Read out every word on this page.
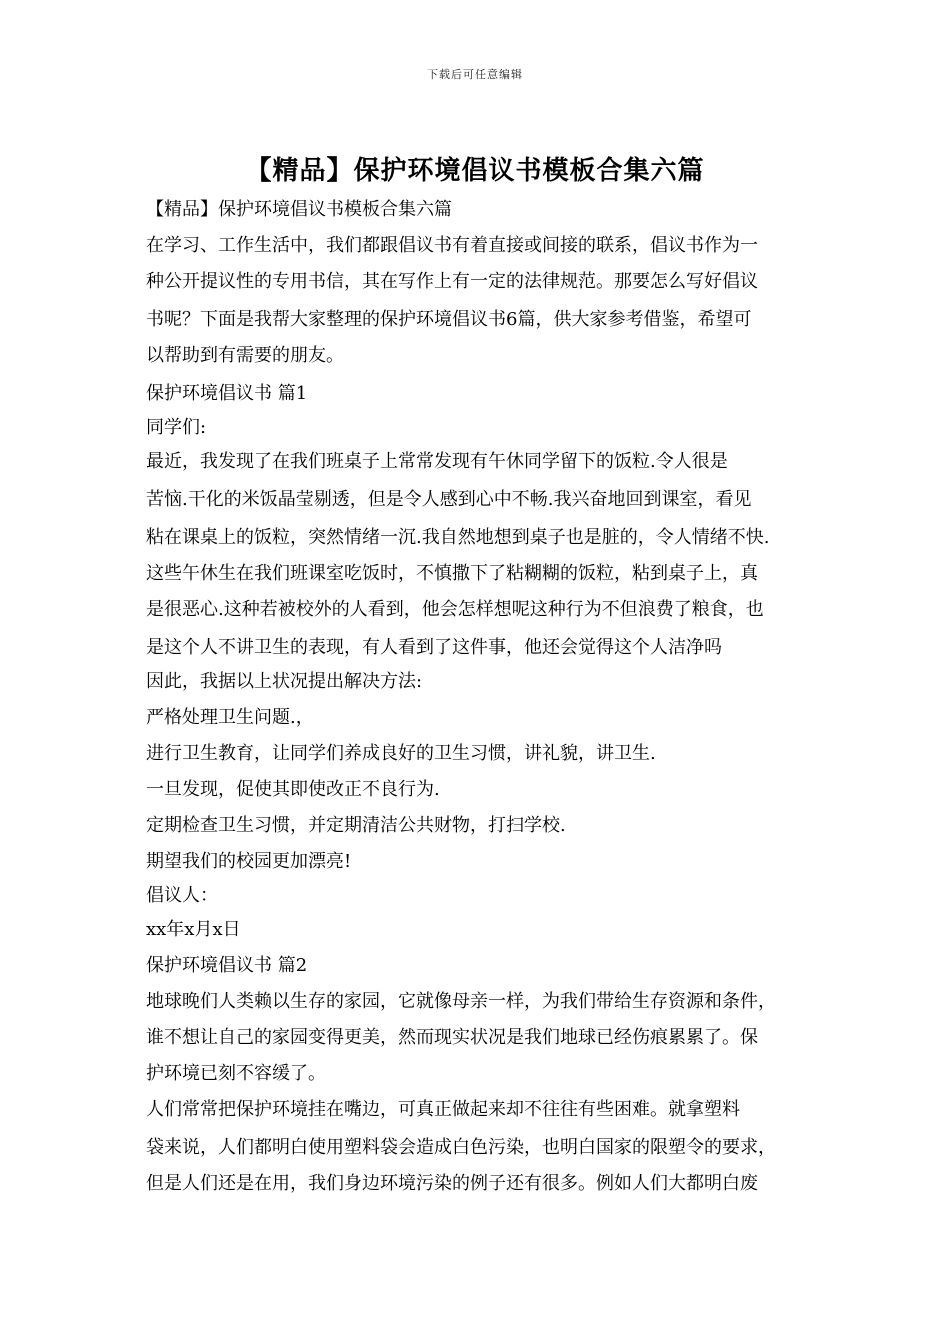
下载后可任意编辑
【精品】保护环境倡议书模板合集六篇
【精品】保护环境倡议书模板合集六篇
在学习、工作生活中，我们都跟倡议书有着直接或间接的联系，倡议书作为一
种公开提议性的专用书信，其在写作上有一定的法律规范。那要怎么写好倡议
书呢？下面是我帮大家整理的保护环境倡议书6篇，供大家参考借鉴，希望可
以帮助到有需要的朋友。
保护环境倡议书 篇1
同学们:
最近，我发现了在我们班桌子上常常发现有午休同学留下的饭粒.令人很是
苦恼.干化的米饭晶莹剔透，但是令人感到心中不畅.我兴奋地回到课室，看见
粘在课桌上的饭粒，突然情绪一沉.我自然地想到桌子也是脏的，令人情绪不快.
这些午休生在我们班课室吃饭时，不慎撒下了粘糊糊的饭粒，粘到桌子上，真
是很恶心.这种若被校外的人看到，他会怎样想呢这种行为不但浪费了粮食，也
是这个人不讲卫生的表现，有人看到了这件事，他还会觉得这个人洁净吗
因此，我据以上状况提出解决方法:
严格处理卫生问题.，
进行卫生教育，让同学们养成良好的卫生习惯，讲礼貌，讲卫生.
一旦发现，促使其即使改正不良行为.
定期检查卫生习惯，并定期清洁公共财物，打扫学校.
期望我们的校园更加漂亮!
倡议人：
xx年x月x日
保护环境倡议书 篇2
地球晚们人类赖以生存的家园，它就像母亲一样，为我们带给生存资源和条件，
谁不想让自己的家园变得更美，然而现实状况是我们地球已经伤痕累累了。保
护环境已刻不容缓了。
人们常常把保护环境挂在嘴边，可真正做起来却不往往有些困难。就拿塑料
袋来说，人们都明白使用塑料袋会造成白色污染，也明白国家的限塑令的要求，
但是人们还是在用，我们身边环境污染的例子还有很多。例如人们大都明白废
